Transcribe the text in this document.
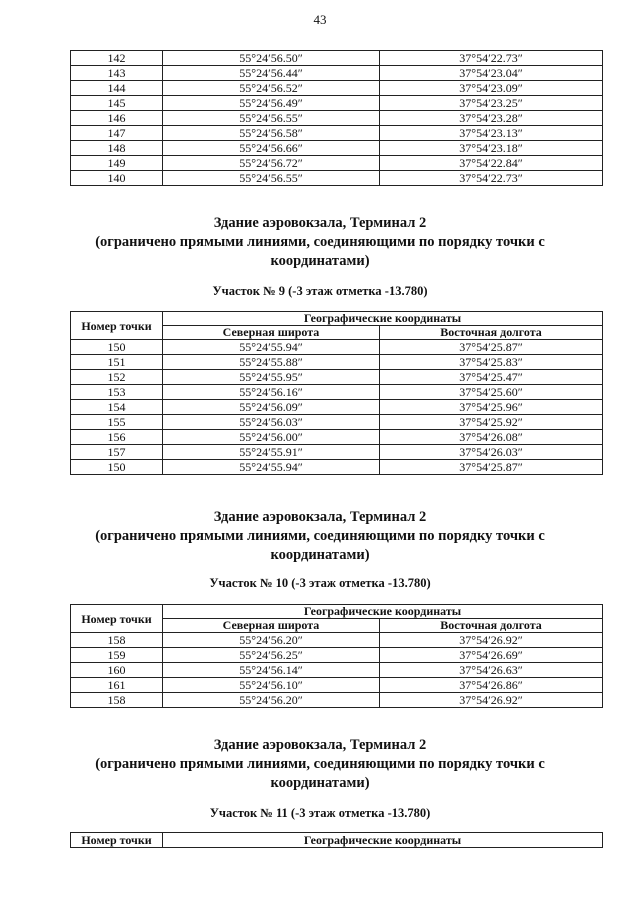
43
142	55°24′56.50″	37°54′22.73″
143	55°24′56.44″	37°54′23.04″
144	55°24′56.52″	37°54′23.09″
145	55°24′56.49″	37°54′23.25″
146	55°24′56.55″	37°54′23.28″
147	55°24′56.58″	37°54′23.13″
148	55°24′56.66″	37°54′23.18″
149	55°24′56.72″	37°54′22.84″
140	55°24′56.55″	37°54′22.73″
Здание аэровокзала, Терминал 2
(ограничено прямыми линиями, соединяющими по порядку точки с
координатами)
Участок № 9 (-3 этаж отметка -13.780)
Номер точки	Географические координаты	
	Северная широта	Восточная долгота
150	55°24′55.94″	37°54′25.87″
151	55°24′55.88″	37°54′25.83″
152	55°24′55.95″	37°54′25.47″
153	55°24′56.16″	37°54′25.60″
154	55°24′56.09″	37°54′25.96″
155	55°24′56.03″	37°54′25.92″
156	55°24′56.00″	37°54′26.08″
157	55°24′55.91″	37°54′26.03″
150	55°24′55.94″	37°54′25.87″
Здание аэровокзала, Терминал 2
(ограничено прямыми линиями, соединяющими по порядку точки с
координатами)
Участок № 10 (-3 этаж отметка -13.780)
Номер точки	Географические координаты	
	Северная широта	Восточная долгота
158	55°24′56.20″	37°54′26.92″
159	55°24′56.25″	37°54′26.69″
160	55°24′56.14″	37°54′26.63″
161	55°24′56.10″	37°54′26.86″
158	55°24′56.20″	37°54′26.92″
Здание аэровокзала, Терминал 2
(ограничено прямыми линиями, соединяющими по порядку точки с
координатами)
Участок № 11 (-3 этаж отметка -13.780)
Номер точки	Географические координаты
